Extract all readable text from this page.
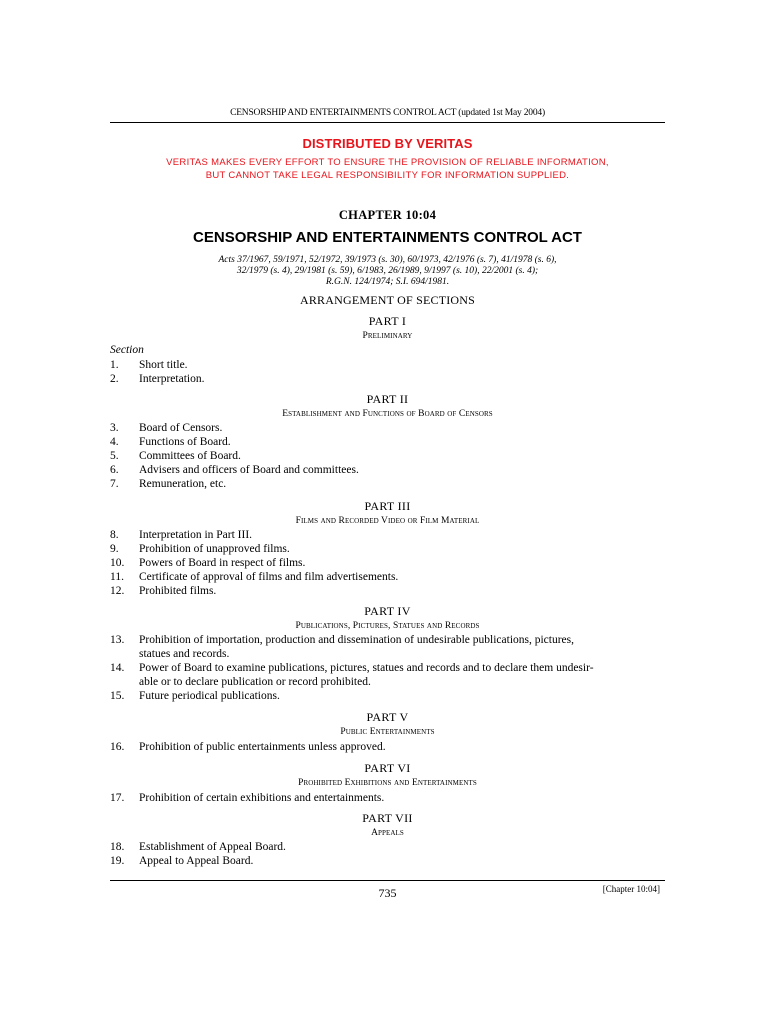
CENSORSHIP AND ENTERTAINMENTS CONTROL ACT (updated 1st May 2004)
DISTRIBUTED BY VERITAS
VERITAS MAKES EVERY EFFORT TO ENSURE THE PROVISION OF RELIABLE INFORMATION,
BUT CANNOT TAKE LEGAL RESPONSIBILITY FOR INFORMATION SUPPLIED.
CHAPTER 10:04
CENSORSHIP AND ENTERTAINMENTS CONTROL ACT
Acts 37/1967, 59/1971, 52/1972, 39/1973 (s. 30), 60/1973, 42/1976 (s. 7), 41/1978 (s. 6),
32/1979 (s. 4), 29/1981 (s. 59), 6/1983, 26/1989, 9/1997 (s. 10), 22/2001 (s. 4);
R.G.N. 124/1974; S.I. 694/1981.
ARRANGEMENT OF SECTIONS
PART I
Preliminary
Section
1.	Short title.
2.	Interpretation.
PART II
Establishment and Functions of Board of Censors
3.	Board of Censors.
4.	Functions of Board.
5.	Committees of Board.
6.	Advisers and officers of Board and committees.
7.	Remuneration, etc.
PART III
Films and Recorded Video or Film Material
8.	Interpretation in Part III.
9.	Prohibition of unapproved films.
10.	Powers of Board in respect of films.
11.	Certificate of approval of films and film advertisements.
12.	Prohibited films.
PART IV
Publications, Pictures, Statues and Records
13.	Prohibition of importation, production and dissemination of undesirable publications, pictures,
statues and records.
14.	Power of Board to examine publications, pictures, statues and records and to declare them undesir-
able or to declare publication or record prohibited.
15.	Future periodical publications.
PART V
Public Entertainments
16.	Prohibition of public entertainments unless approved.
PART VI
Prohibited Exhibitions and Entertainments
17.	Prohibition of certain exhibitions and entertainments.
PART VII
Appeals
18.	Establishment of Appeal Board.
19.	Appeal to Appeal Board.
735	[Chapter 10:04]
